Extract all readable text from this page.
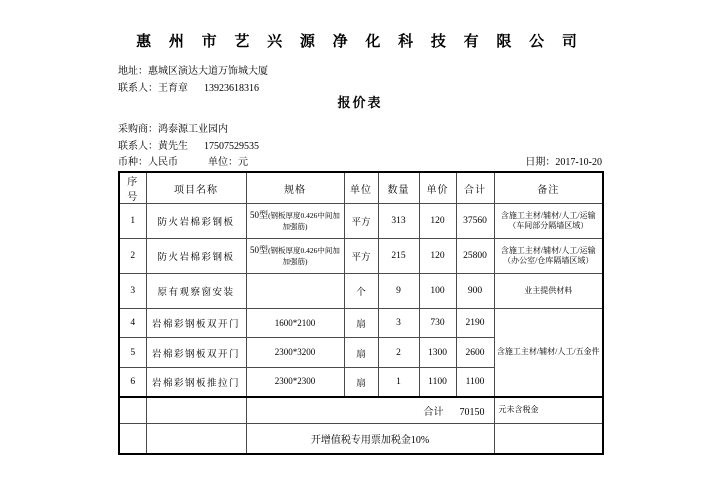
惠 州 市 艺 兴 源 净 化 科 技 有 限 公 司
地址：惠城区演达大道万饰城大厦
联系人：王育章 13923618316
报价表
采购商：鸿泰源工业园内
联系人：黄先生 17507529535
币种：人民币	单位：元	日期：2017-10-20
序号	项目名称	规格	单位	数量	单价	合计	备注
1	防火岩棉彩钢板	50型(钢板厚度0.426中间加加强筋)	平方	313	120	37560	含施工主材/辅材/人工/运输
（车间部分隔墙区域）

2	防火岩棉彩钢板	50型(钢板厚度0.426中间加加强筋)	平方	215	120	25800	含施工主材/辅材/人工/运输
（办公室/仓库隔墙区域）

3	原有观察窗安装		个	9	100	900	业主提供材料
4	岩棉彩钢板双开门	1600*2100	扇	3	730	2190	含施工主材/辅材/人工/五金件
5	岩棉彩钢板双开门	2300*3200	扇	2	1300	2600	
6	岩棉彩钢板推拉门	2300*2300	扇	1	1100	1100	
		合计 70150					元未含税金
		开增值税专用票加税金10%					
